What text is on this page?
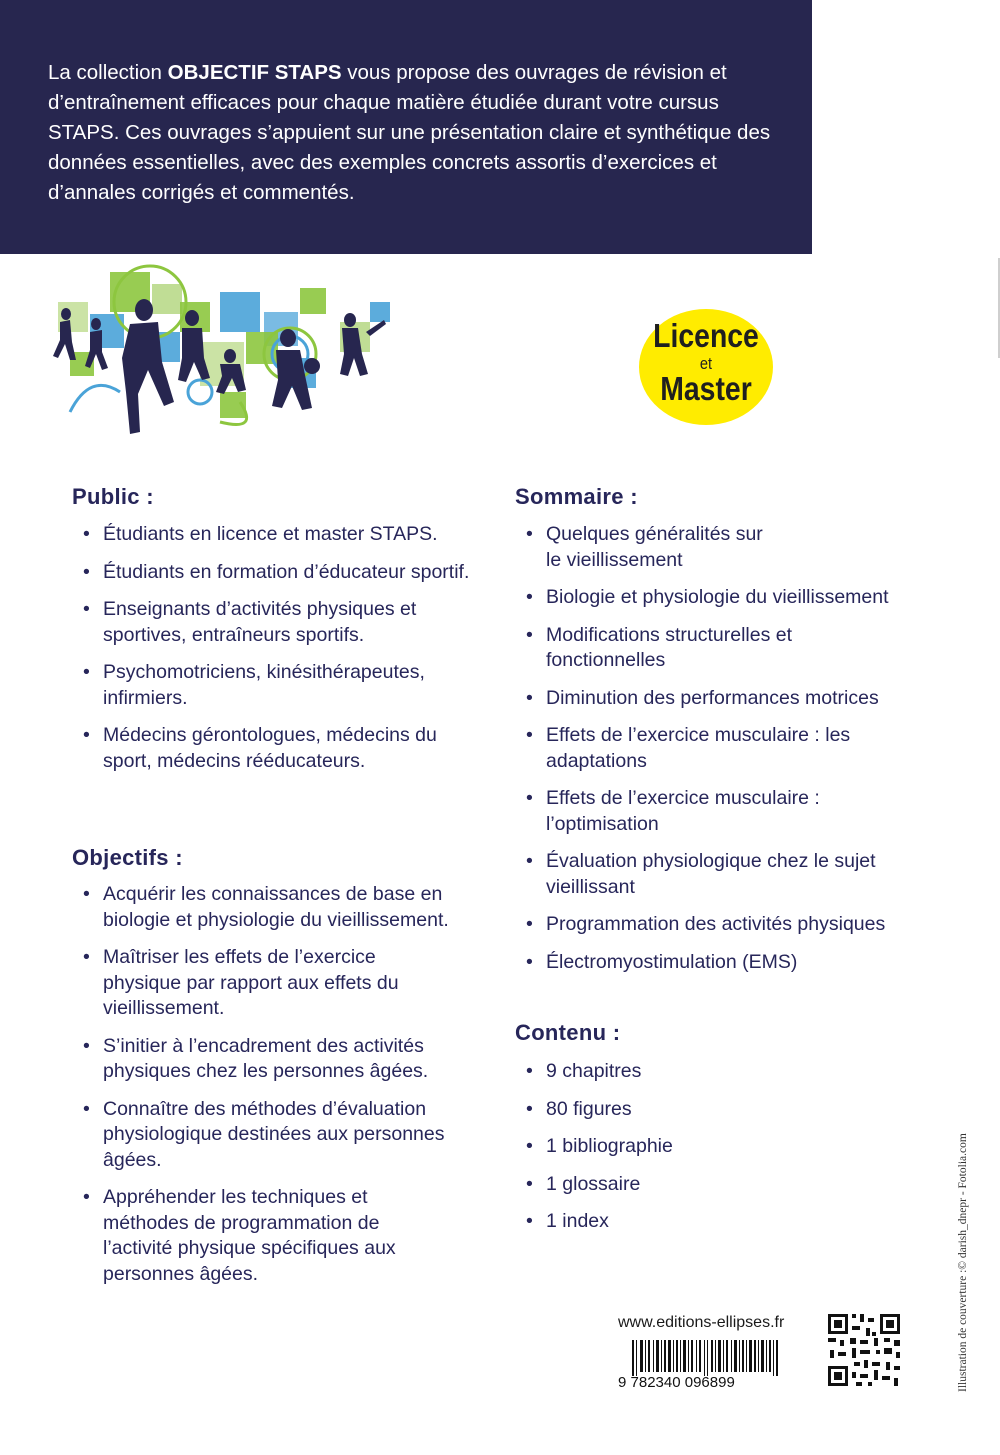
La collection OBJECTIF STAPS vous propose des ouvrages de révision et d’entraînement efficaces pour chaque matière étudiée durant votre cursus STAPS. Ces ouvrages s’appuient sur une présentation claire et synthétique des données essentielles, avec des exemples concrets assortis d’exercices et d’annales corrigés et commentés.

Licence
et
Master
Public :
• Étudiants en licence et master STAPS.
• Étudiants en formation d’éducateur sportif.
• Enseignants d’activités physiques et sportives, entraîneurs sportifs.
• Psychomotriciens, kinésithérapeutes, infirmiers.
• Médecins gérontologues, médecins du sport, médecins rééducateurs.
Objectifs :
• Acquérir les connaissances de base en biologie et physiologie du vieillissement.
• Maîtriser les effets de l’exercice physique par rapport aux effets du vieillissement.
• S’initier à l’encadrement des activités physiques chez les personnes âgées.
• Connaître des méthodes d’évaluation physiologique destinées aux personnes âgées.
• Appréhender les techniques et méthodes de programmation de l’activité physique spécifiques aux personnes âgées.
Sommaire :
• Quelques généralités sur le vieillissement
• Biologie et physiologie du vieillissement
• Modifications structurelles et fonctionnelles
• Diminution des performances motrices
• Effets de l’exercice musculaire : les adaptations
• Effets de l’exercice musculaire : l’optimisation
• Évaluation physiologique chez le sujet vieillissant
• Programmation des activités physiques
• Électromyostimulation (EMS)
Contenu :
• 9 chapitres
• 80 figures
• 1 bibliographie
• 1 glossaire
• 1 index
www.editions-ellipses.fr
9 782340 096899	Illustration de couverture :© darish_dnepr - Fotolia.com
